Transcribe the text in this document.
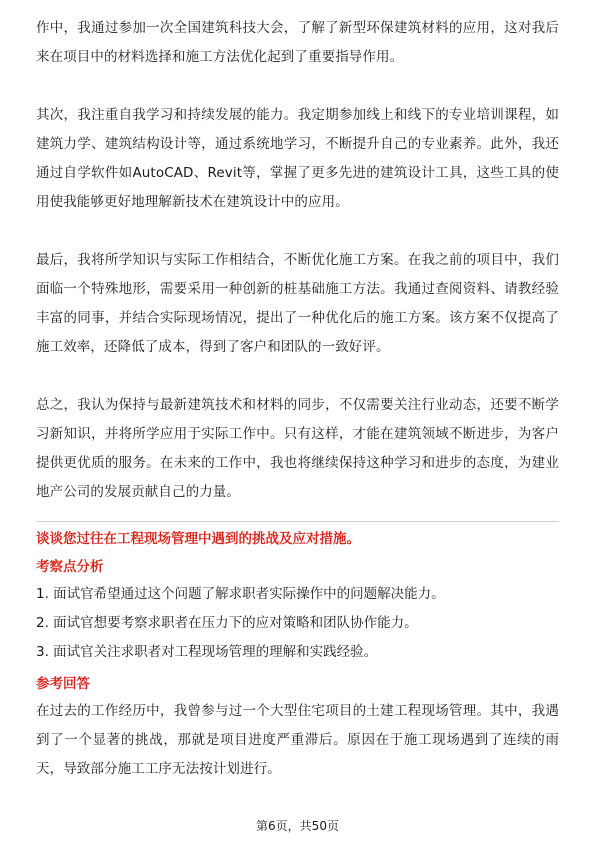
作中，我通过参加一次全国建筑科技大会，了解了新型环保建筑材料的应用，这对我后来在项目中的材料选择和施工方法优化起到了重要指导作用。

其次，我注重自我学习和持续发展的能力。我定期参加线上和线下的专业培训课程，如建筑力学、建筑结构设计等，通过系统地学习，不断提升自己的专业素养。此外，我还通过自学软件如AutoCAD、Revit等，掌握了更多先进的建筑设计工具，这些工具的使用使我能够更好地理解新技术在建筑设计中的应用。

最后，我将所学知识与实际工作相结合，不断优化施工方案。在我之前的项目中，我们面临一个特殊地形，需要采用一种创新的桩基础施工方法。我通过查阅资料、请教经验丰富的同事，并结合实际现场情况，提出了一种优化后的施工方案。该方案不仅提高了施工效率，还降低了成本，得到了客户和团队的一致好评。

总之，我认为保持与最新建筑技术和材料的同步，不仅需要关注行业动态，还要不断学习新知识，并将所学应用于实际工作中。只有这样，才能在建筑领域不断进步，为客户提供更优质的服务。在未来的工作中，我也将继续保持这种学习和进步的态度，为建业地产公司的发展贡献自己的力量。

谈谈您过往在工程现场管理中遇到的挑战及应对措施。
考察点分析
1. 面试官希望通过这个问题了解求职者实际操作中的问题解决能力。
2. 面试官想要考察求职者在压力下的应对策略和团队协作能力。
3. 面试官关注求职者对工程现场管理的理解和实践经验。
参考回答

在过去的工作经历中，我曾参与过一个大型住宅项目的土建工程现场管理。其中，我遇到了一个显著的挑战，那就是项目进度严重滞后。原因在于施工现场遇到了连续的雨天，导致部分施工工序无法按计划进行。

第6页，共50页
